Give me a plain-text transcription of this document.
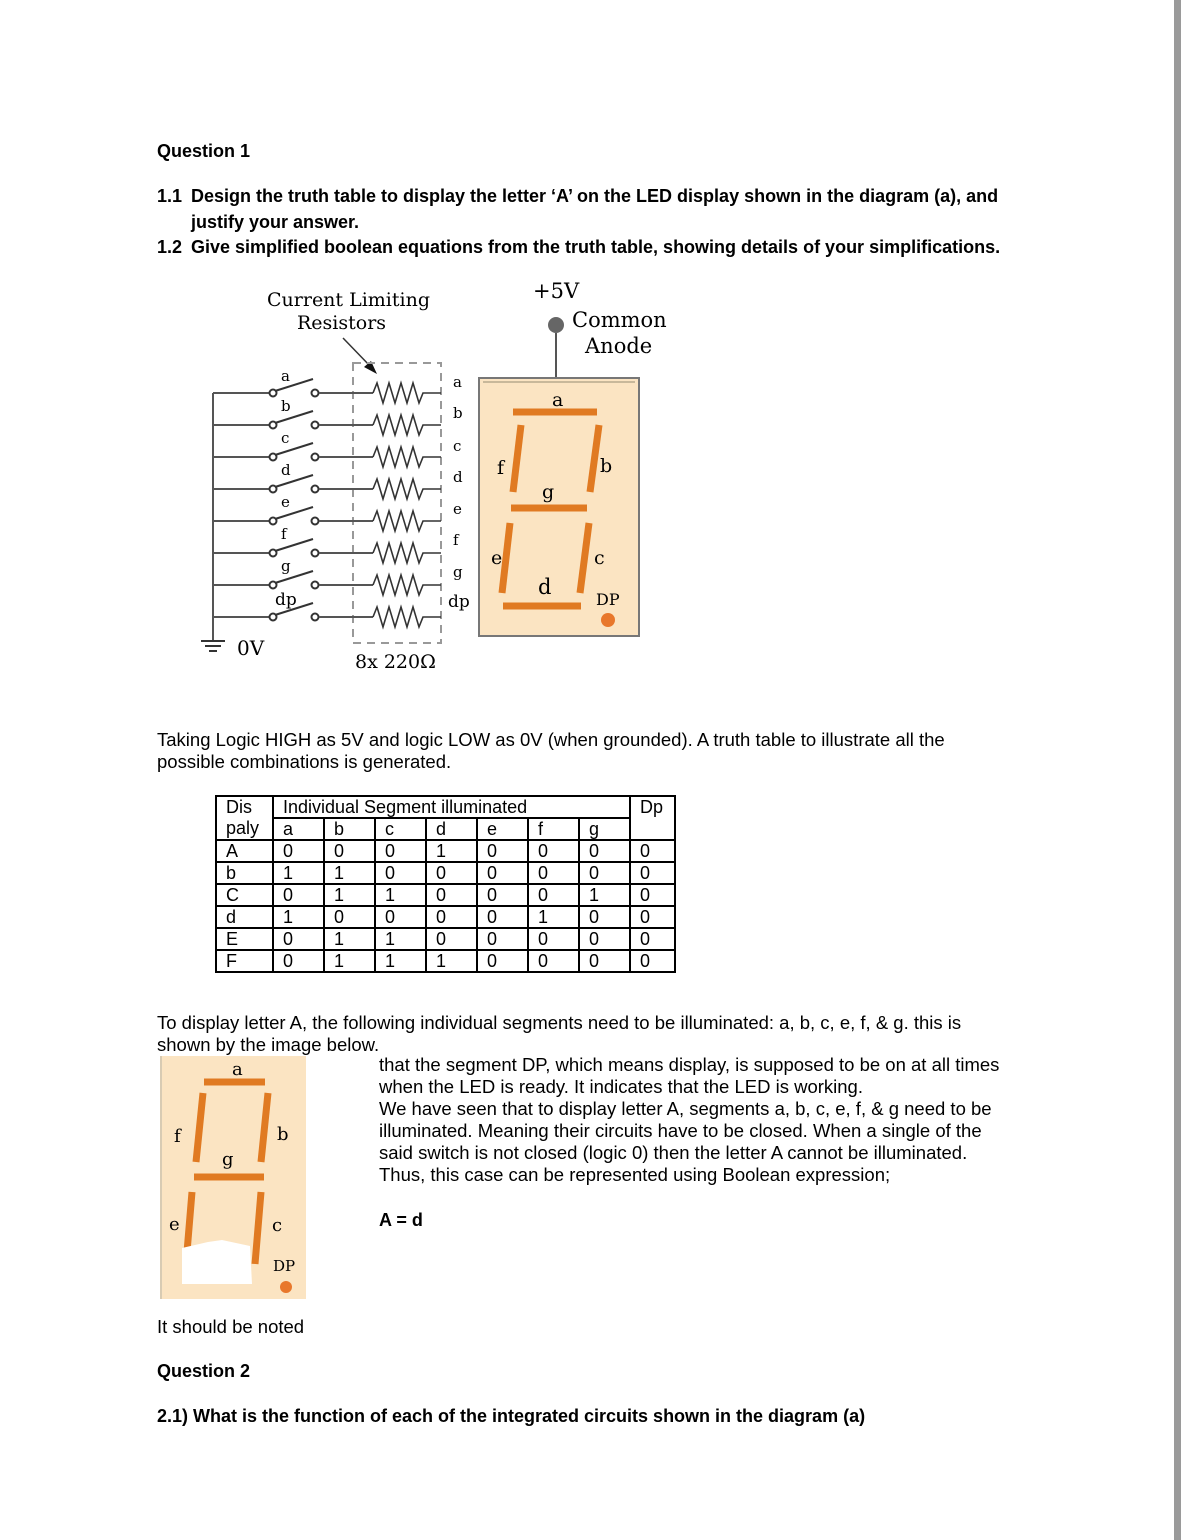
Question 1
1.1 Design the truth table to display the letter ‘A’ on the LED display shown in the diagram (a), and justify your answer.
1.2 Give simplified boolean equations from the truth table, showing details of your simplifications.
Current Limiting
Resistors
+5V
Common
Anode
0V
8x 220Ω
a	a
b	b
c	c
d	d
e	e
f	f
g	g
dp	dp
a
b
c
d
e
f
g
DP
Taking Logic HIGH as 5V and logic LOW as 0V (when grounded). A truth table to illustrate all the possible combinations is generated.
Dis	Individual Segment illuminated							Dp
paly	a	b	c	d	e	f	g	
A	0	0	0	1	0	0	0	0
b	1	1	0	0	0	0	0	0
C	0	1	1	0	0	0	1	0
d	1	0	0	0	0	1	0	0
E	0	1	1	0	0	0	0	0
F	0	1	1	1	0	0	0	0
To display letter A, the following individual segments need to be illuminated: a, b, c, e, f, & g. this is shown by the image below.
a
b
c
e
f
g
DP
that the segment DP, which means display, is supposed to be on at all times
when the LED is ready. It indicates that the LED is working.
We have seen that to display letter A, segments a, b, c, e, f, & g need to be
illuminated. Meaning their circuits have to be closed. When a single of the
said switch is not closed (logic 0) then the letter A cannot be illuminated.
Thus, this case can be represented using Boolean expression;
A = d
It should be noted
Question 2
2.1) What is the function of each of the integrated circuits shown in the diagram (a)
